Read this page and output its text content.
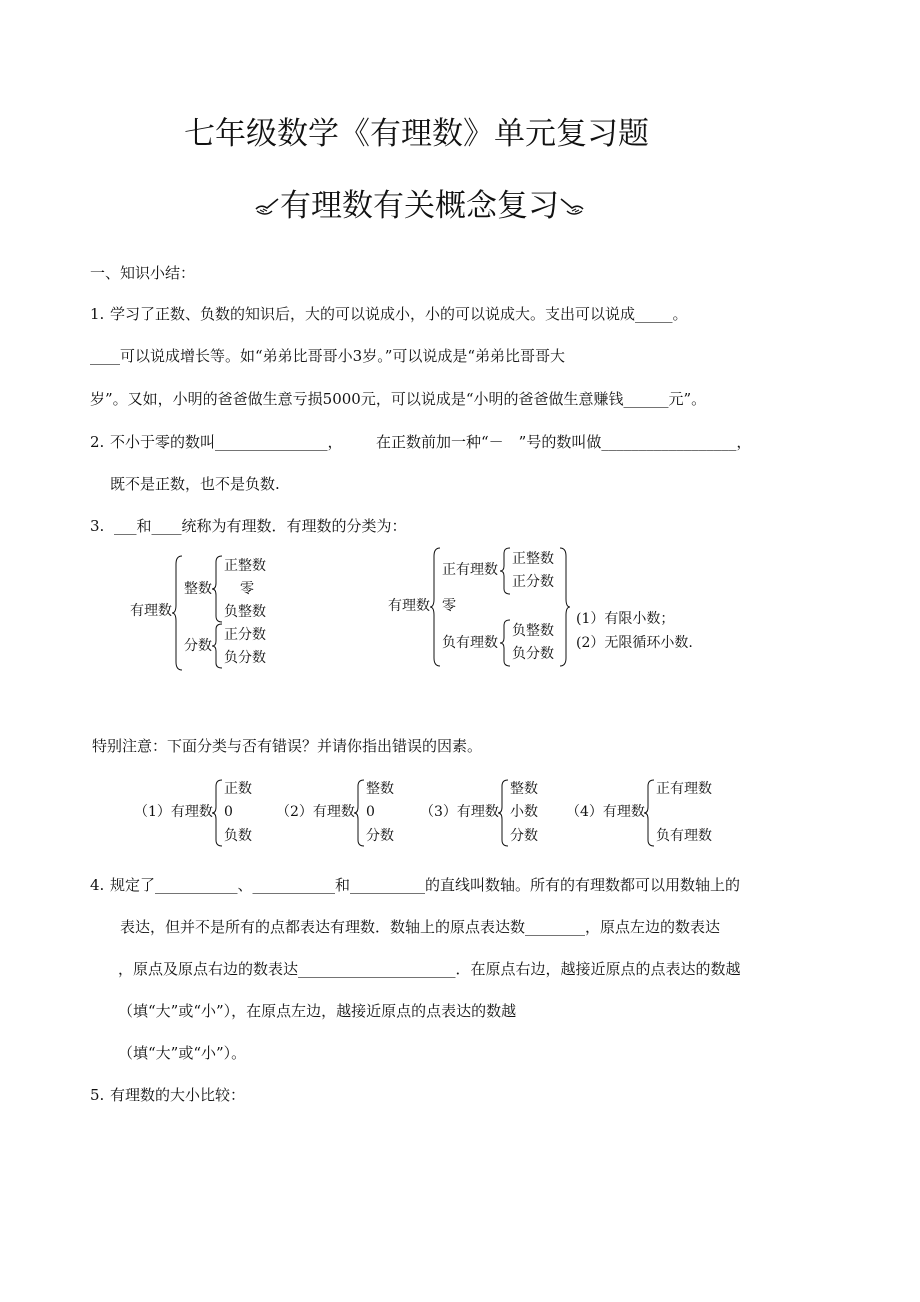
七年级数学《有理数》单元复习题
有理数有关概念复习
一、知识小结：
1. 学习了正数、负数的知识后，大的可以说成小，小的可以说成大。支出可以说成_____。
____可以说成增长等。如“弟弟比哥哥小3岁。”可以说成是“弟弟比哥哥大
岁”。又如，小明的爸爸做生意亏损5000元，可以说成是“小明的爸爸做生意赚钱______元”。
2. 不小于零的数叫_______________， 在正数前加一种“－　”号的数叫做__________________，
既不是正数，也不是负数.
3. ___和____统称为有理数．有理数的分类为：
有理数
整数
正整数
零
负整数
分数
正分数
负分数
有理数
正有理数
正整数
正分数
零
负有理数
负整数
负分数
(1）有限小数；
(2）无限循环小数.
特别注意：下面分类与否有错误？并请你指出错误的因素。
（1）有理数
正数
0
负数
（2）有理数
整数
0
分数
（3）有理数
整数
小数
分数
（4）有理数
正有理数
负有理数
4. 规定了___________、___________和__________的直线叫数轴。所有的有理数都可以用数轴上的
表达，但并不是所有的点都表达有理数．数轴上的原点表达数________，原点左边的数表达
，原点及原点右边的数表达_____________________．在原点右边，越接近原点的点表达的数越
（填“大”或“小”），在原点左边，越接近原点的点表达的数越
（填“大”或“小”）。
5. 有理数的大小比较：
